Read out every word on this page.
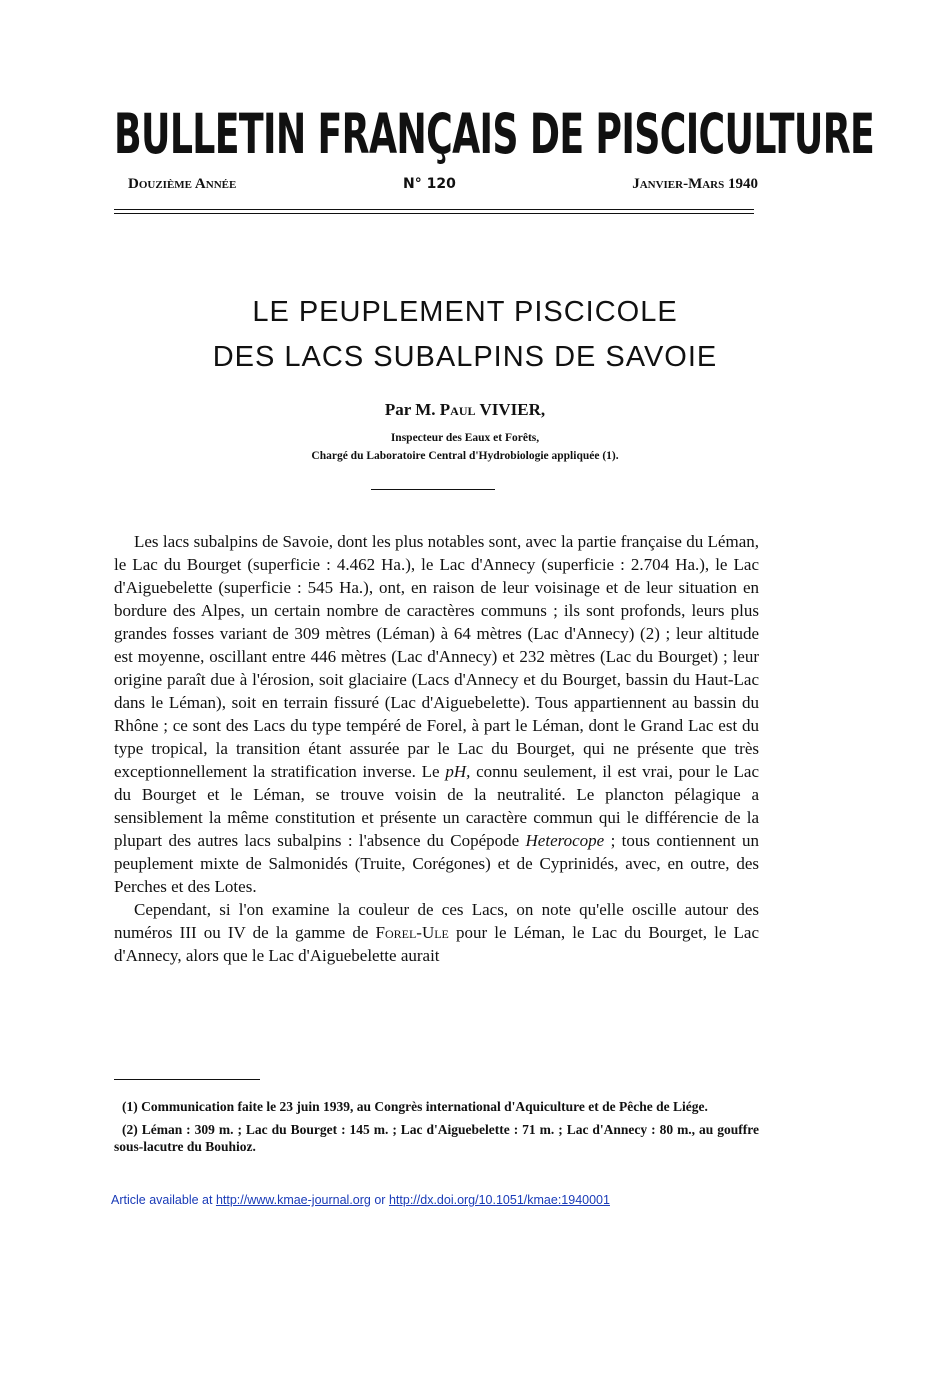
BULLETIN FRANÇAIS DE PISCICULTURE
Douzième Année	N° 120	Janvier-Mars 1940
LE PEUPLEMENT PISCICOLE
DES LACS SUBALPINS DE SAVOIE
Par M. Paul VIVIER,
Inspecteur des Eaux et Forêts,
Chargé du Laboratoire Central d'Hydrobiologie appliquée (1).

Les lacs subalpins de Savoie, dont les plus notables sont, avec la partie française du Léman, le Lac du Bourget (superficie : 4.462 Ha.), le Lac d'Annecy (superficie : 2.704 Ha.), le Lac d'Aiguebelette (superficie : 545 Ha.), ont, en raison de leur voisinage et de leur situation en bordure des Alpes, un certain nombre de caractères communs ; ils sont profonds, leurs plus grandes fosses variant de 309 mètres (Léman) à 64 mètres (Lac d'Annecy) (2) ; leur altitude est moyenne, oscillant entre 446 mètres (Lac d'Annecy) et 232 mètres (Lac du Bourget) ; leur origine paraît due à l'érosion, soit glaciaire (Lacs d'Annecy et du Bourget, bassin du Haut-Lac dans le Léman), soit en terrain fissuré (Lac d'Aiguebelette). Tous appartiennent au bassin du Rhône ; ce sont des Lacs du type tempéré de Forel, à part le Léman, dont le Grand Lac est du type tropical, la transition étant assurée par le Lac du Bourget, qui ne présente que très exceptionnellement la stratification inverse. Le pH, connu seulement, il est vrai, pour le Lac du Bourget et le Léman, se trouve voisin de la neutralité. Le plancton pélagique a sensiblement la même constitution et présente un caractère commun qui le différencie de la plupart des autres lacs subalpins : l'absence du Copépode Heterocope ; tous contiennent un peuplement mixte de Salmonidés (Truite, Corégones) et de Cyprinidés, avec, en outre, des Perches et des Lotes.

Cependant, si l'on examine la couleur de ces Lacs, on note qu'elle oscille autour des numéros III ou IV de la gamme de Forel-Ule pour le Léman, le Lac du Bourget, le Lac d'Annecy, alors que le Lac d'Aiguebelette aurait

(1) Communication faite le 23 juin 1939, au Congrès international d'Aquiculture et de Pêche de Liége.

(2) Léman : 309 m. ; Lac du Bourget : 145 m. ; Lac d'Aiguebelette : 71 m. ; Lac d'Annecy : 80 m., au gouffre sous-lacutre du Bouhioz.

Article available at http://www.kmae-journal.org or http://dx.doi.org/10.1051/kmae:1940001
